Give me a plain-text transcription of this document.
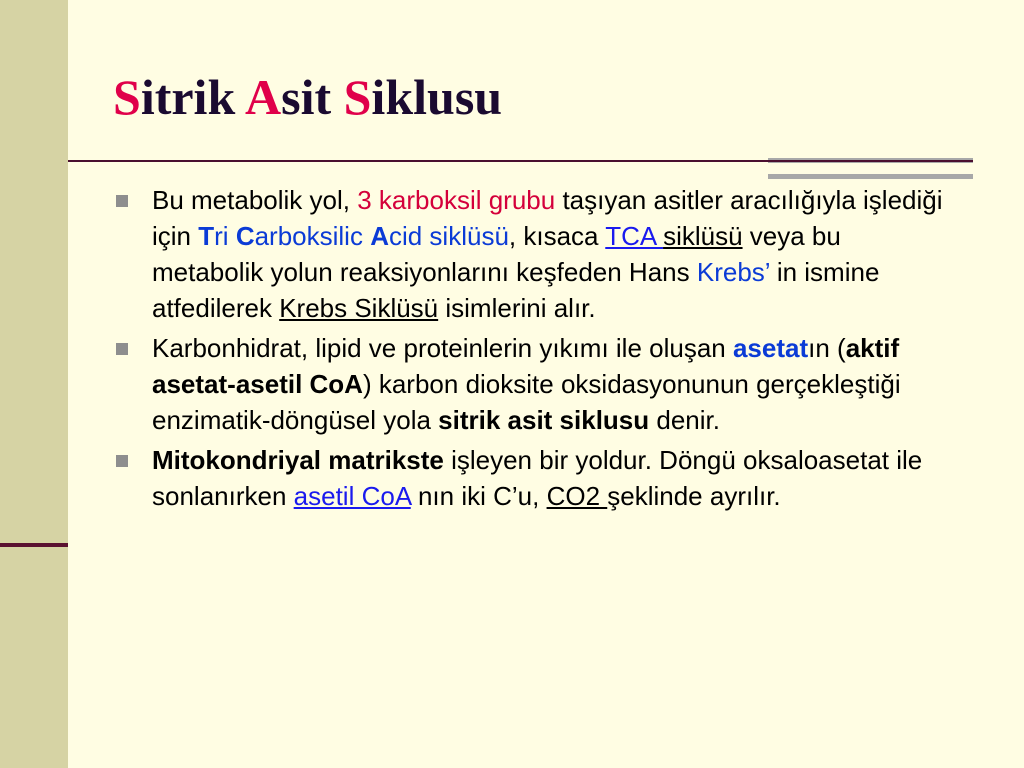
Sitrik Asit Siklusu
Bu metabolik yol, 3 karboksil grubu taşıyan asitler aracılığıyla işlediği için Tri Carboksilic Acid siklüsü, kısaca TCA siklüsü veya bu metabolik yolun reaksiyonlarını keşfeden Hans Krebs’ in ismine atfedilerek Krebs Siklüsü isimlerini alır.
Karbonhidrat, lipid ve proteinlerin yıkımı ile oluşan asetatın (aktif asetat-asetil CoA) karbon dioksite oksidasyonunun gerçekleştiği enzimatik-döngüsel yola sitrik asit siklusu denir.
Mitokondriyal matrikste işleyen bir yoldur. Döngü oksaloasetat ile sonlanırken asetil CoA nın iki C’u, CO2 şeklinde ayrılır.
